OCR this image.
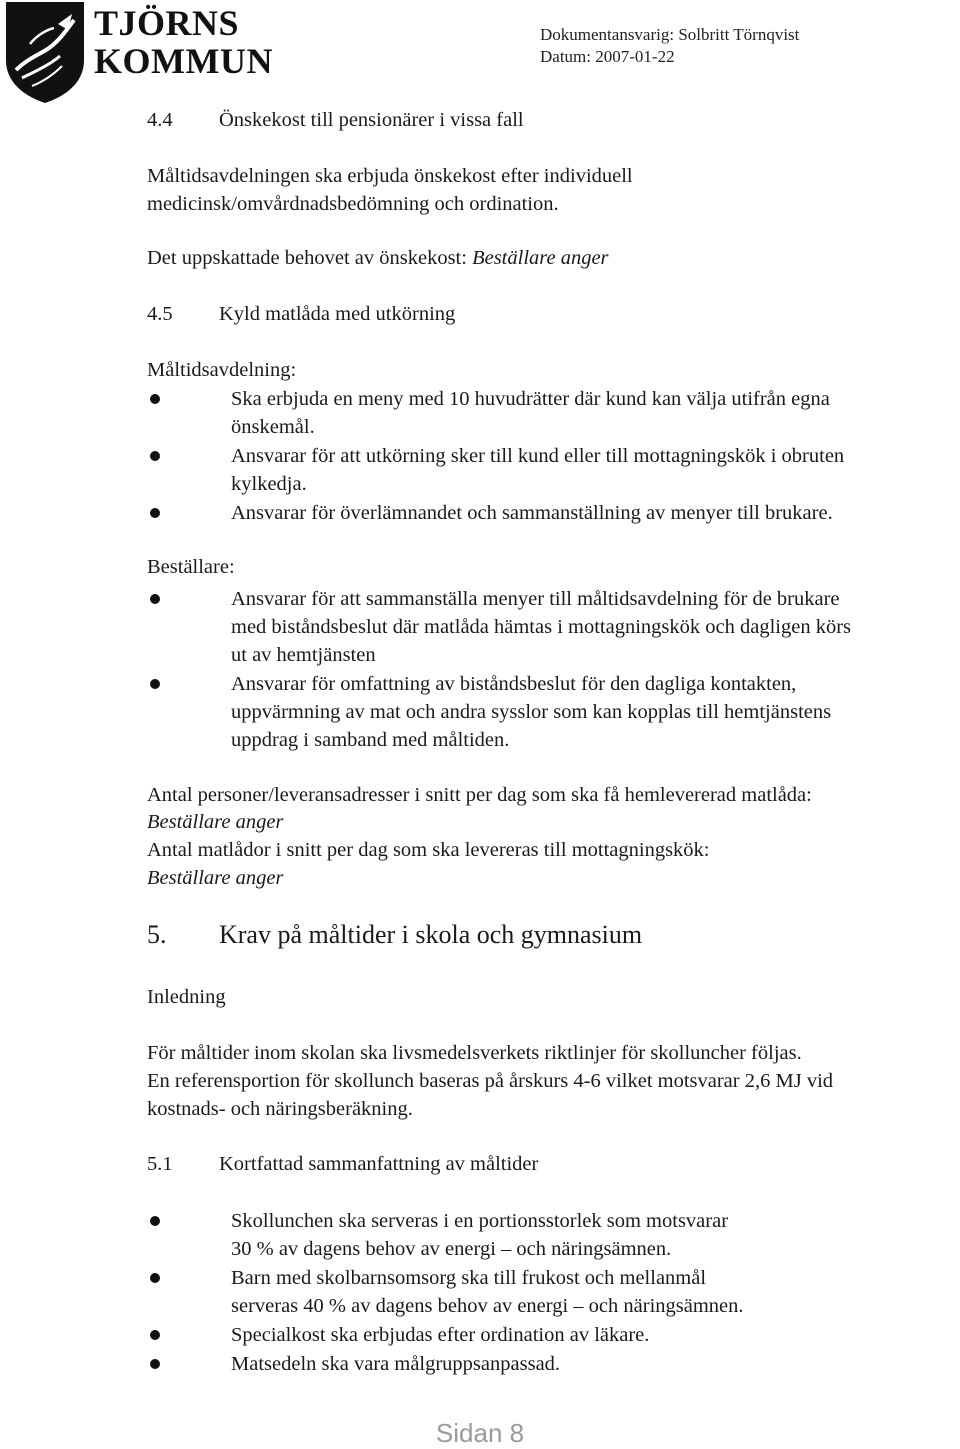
TJÖRNS
KOMMUN
Dokumentansvarig: Solbritt Törnqvist
Datum: 2007-01-22
4.4 Önskekost till pensionärer i vissa fall
Måltidsavdelningen ska erbjuda önskekost efter individuell
medicinsk/omvårdnadsbedömning och ordination.
Det uppskattade behovet av önskekost: Beställare anger
4.5 Kyld matlåda med utkörning
Måltidsavdelning:
Ska erbjuda en meny med 10 huvudrätter där kund kan välja utifrån egna
önskemål.
Ansvarar för att utkörning sker till kund eller till mottagningskök i obruten
kylkedja.
Ansvarar för överlämnandet och sammanställning av menyer till brukare.
Beställare:
Ansvarar för att sammanställa menyer till måltidsavdelning för de brukare
med biståndsbeslut där matlåda hämtas i mottagningskök och dagligen körs
ut av hemtjänsten
Ansvarar för omfattning av biståndsbeslut för den dagliga kontakten,
uppvärmning av mat och andra sysslor som kan kopplas till hemtjänstens
uppdrag i samband med måltiden.
Antal personer/leveransadresser i snitt per dag som ska få hemlevererad matlåda:
Beställare anger
Antal matlådor i snitt per dag som ska levereras till mottagningskök:
Beställare anger
5. Krav på måltider i skola och gymnasium
Inledning
För måltider inom skolan ska livsmedelsverkets riktlinjer för skolluncher följas.
En referensportion för skollunch baseras på årskurs 4-6 vilket motsvarar 2,6 MJ vid
kostnads- och näringsberäkning.
5.1 Kortfattad sammanfattning av måltider
Skollunchen ska serveras i en portionsstorlek som motsvarar
30 % av dagens behov av energi – och näringsämnen.
Barn med skolbarnsomsorg ska till frukost och mellanmål
serveras 40 % av dagens behov av energi – och näringsämnen.
Specialkost ska erbjudas efter ordination av läkare.
Matsedeln ska vara målgruppsanpassad.
Sidan 8
